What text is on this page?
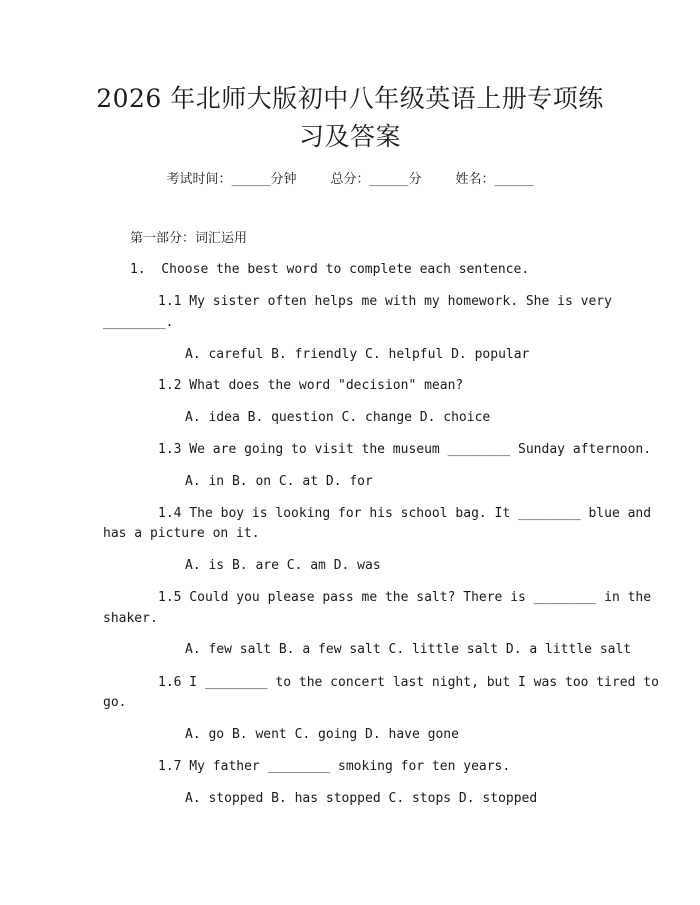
2026 年北师大版初中八年级英语上册专项练
习及答案
考试时间：______分钟	总分：______分	姓名：______
第一部分：词汇运用
1.  Choose the best word to complete each sentence.
1.1 My sister often helps me with my homework. She is very
________.
A. careful B. friendly C. helpful D. popular
1.2 What does the word "decision" mean?
A. idea B. question C. change D. choice
1.3 We are going to visit the museum ________ Sunday afternoon.
A. in B. on C. at D. for
1.4 The boy is looking for his school bag. It ________ blue and
has a picture on it.
A. is B. are C. am D. was
1.5 Could you please pass me the salt? There is ________ in the
shaker.
A. few salt B. a few salt C. little salt D. a little salt
1.6 I ________ to the concert last night, but I was too tired to
go.
A. go B. went C. going D. have gone
1.7 My father ________ smoking for ten years.
A. stopped B. has stopped C. stops D. stopped
